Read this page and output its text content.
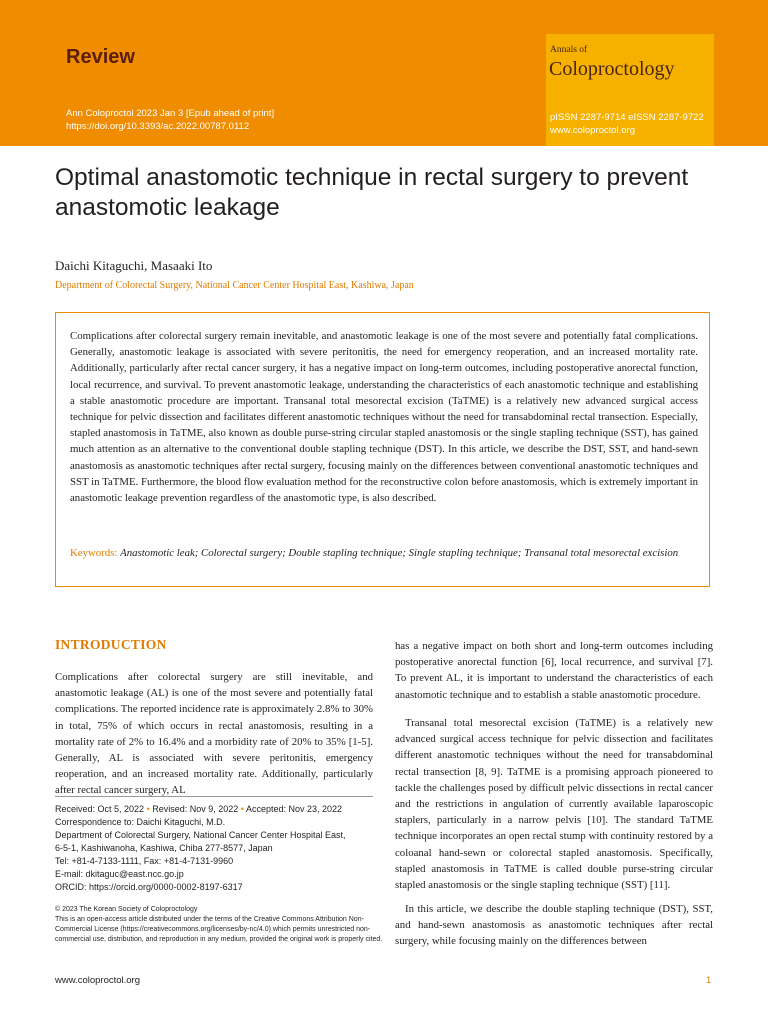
Review
Ann Coloproctol 2023 Jan 3 [Epub ahead of print]
https://doi.org/10.3393/ac.2022.00787.0112
Annals of
Coloproctology
pISSN 2287-9714 eISSN 2287-9722
www.coloproctol.org
Optimal anastomotic technique in rectal surgery to prevent anastomotic leakage
Daichi Kitaguchi, Masaaki Ito
Department of Colorectal Surgery, National Cancer Center Hospital East, Kashiwa, Japan

Complications after colorectal surgery remain inevitable, and anastomotic leakage is one of the most severe and potentially fatal complications. Generally, anastomotic leakage is associated with severe peritonitis, the need for emergency reoperation, and an increased mortality rate. Additionally, particularly after rectal cancer surgery, it has a negative impact on long-term outcomes, including postoperative anorectal function, local recurrence, and survival. To prevent anastomotic leakage, understanding the characteristics of each anastomotic technique and establishing a stable anastomotic procedure are important. Transanal total mesorectal excision (TaTME) is a relatively new advanced surgical access technique for pelvic dissection and facilitates different anastomotic techniques without the need for transabdominal rectal transection. Especially, stapled anastomosis in TaTME, also known as double purse-string circular stapled anastomosis or the single stapling technique (SST), has gained much attention as an alternative to the conventional double stapling technique (DST). In this article, we describe the DST, SST, and hand-sewn anastomosis as anastomotic techniques after rectal surgery, focusing mainly on the differences between conventional anastomotic techniques and SST in TaTME. Furthermore, the blood flow evaluation method for the reconstructive colon before anastomosis, which is extremely important in anastomotic leakage prevention regardless of the anastomotic type, is also described.

Keywords: Anastomotic leak; Colorectal surgery; Double stapling technique; Single stapling technique; Transanal total mesorectal excision

INTRODUCTION

Complications after colorectal surgery are still inevitable, and anastomotic leakage (AL) is one of the most severe and potentially fatal complications. The reported incidence rate is approximately 2.8% to 30% in total, 75% of which occurs in rectal anastomosis, resulting in a mortality rate of 2% to 16.4% and a morbidity rate of 20% to 35% [1-5]. Generally, AL is associated with severe peritonitis, emergency reoperation, and an increased mortality rate. Additionally, particularly after rectal cancer surgery, AL

has a negative impact on both short and long-term outcomes including postoperative anorectal function [6], local recurrence, and survival [7]. To prevent AL, it is important to understand the characteristics of each anastomotic technique and to establish a stable anastomotic procedure.

Transanal total mesorectal excision (TaTME) is a relatively new advanced surgical access technique for pelvic dissection and facilitates different anastomotic techniques without the need for transabdominal rectal transection [8, 9]. TaTME is a promising approach pioneered to tackle the challenges posed by difficult pelvic dissections in rectal cancer and the restrictions in angulation of currently available laparoscopic staplers, particularly in a narrow pelvis [10]. The standard TaTME technique incorporates an open rectal stump with continuity restored by a coloanal hand-sewn or colorectal stapled anastomosis. Specifically, stapled anastomosis in TaTME is called double purse-string circular stapled anastomosis or the single stapling technique (SST) [11].

In this article, we describe the double stapling technique (DST), SST, and hand-sewn anastomosis as anastomotic techniques after rectal surgery, while focusing mainly on the differences between

Received: Oct 5, 2022 • Revised: Nov 9, 2022 • Accepted: Nov 23, 2022
Correspondence to: Daichi Kitaguchi, M.D.
Department of Colorectal Surgery, National Cancer Center Hospital East,
6-5-1, Kashiwanoha, Kashiwa, Chiba 277-8577, Japan
Tel: +81-4-7133-1111, Fax: +81-4-7131-9960
E-mail: dkitaguc@east.ncc.go.jp
ORCID: https://orcid.org/0000-0002-8197-6317
© 2023 The Korean Society of Coloproctology
This is an open-access article distributed under the terms of the Creative Commons Attribution Non-
Commercial License (https://creativecommons.org/licenses/by-nc/4.0) which permits unrestricted non-
commercial use, distribution, and reproduction in any medium, provided the original work is properly cited.
www.coloproctol.org	1
